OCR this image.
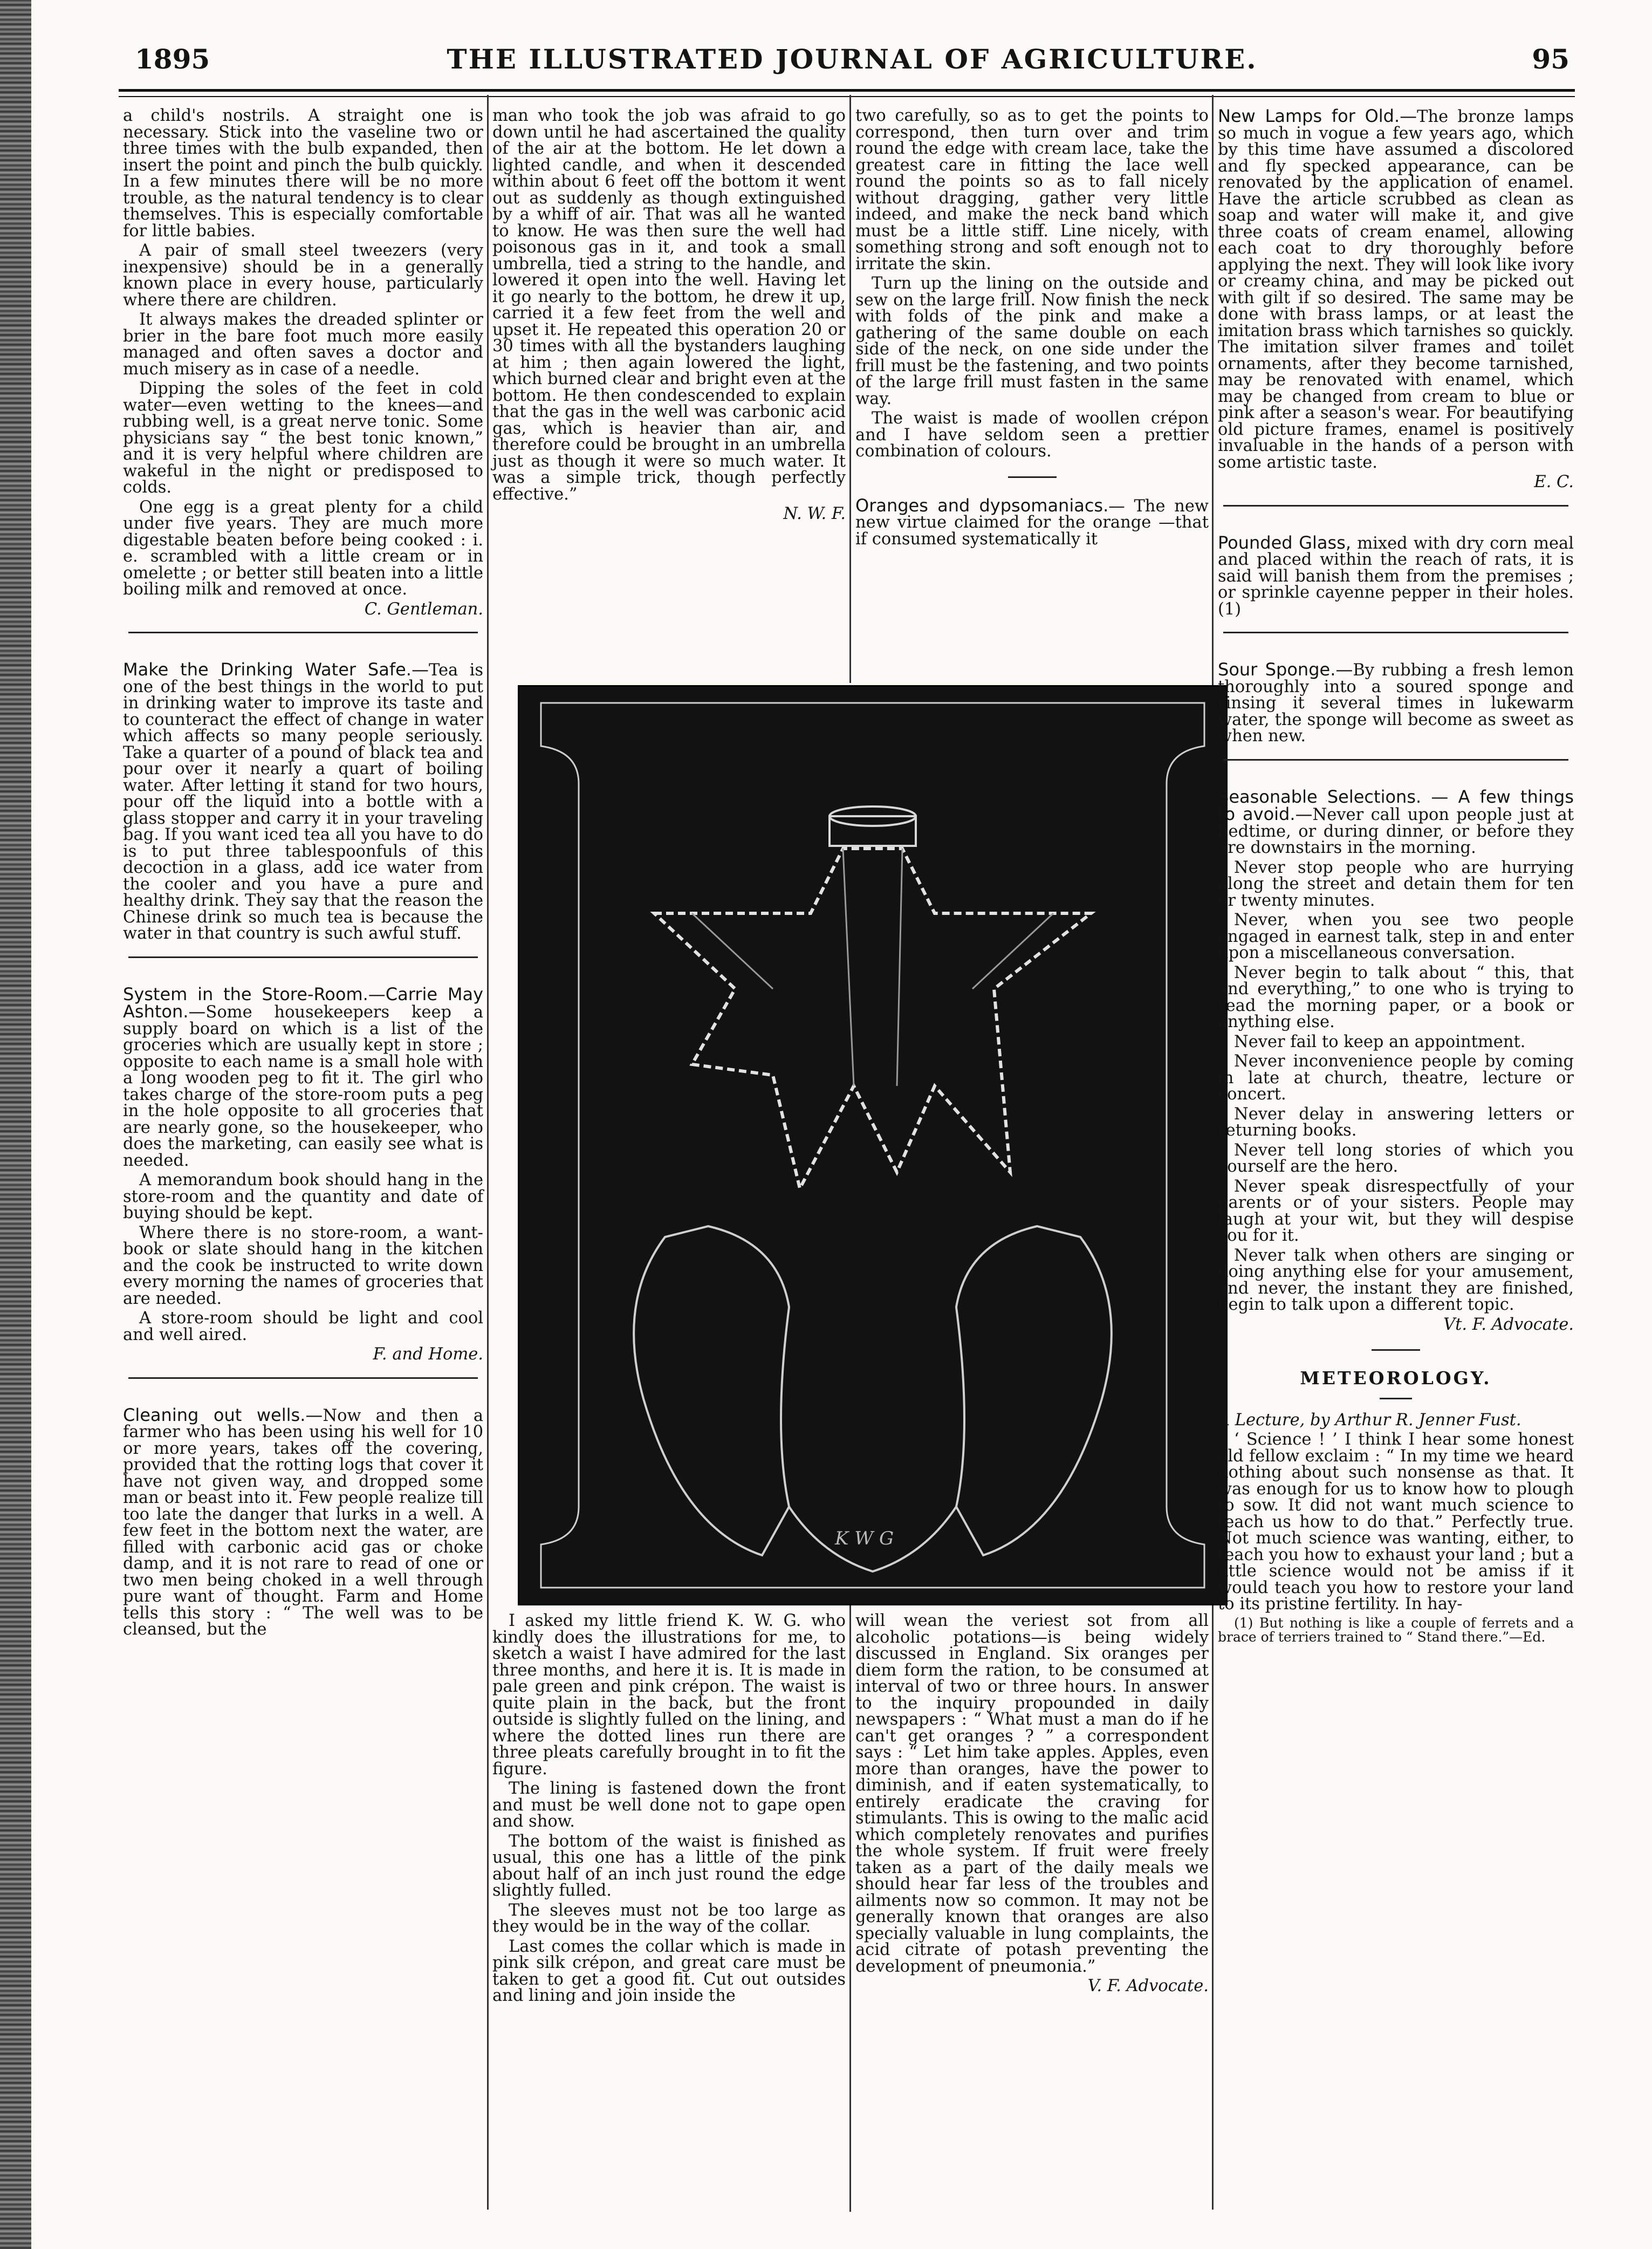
1895	THE ILLUSTRATED JOURNAL OF AGRICULTURE.	95

a child's nostrils. A straight one is necessary. Stick into the vaseline two or three times with the bulb expanded, then insert the point and pinch the bulb quickly. In a few minutes there will be no more trouble, as the natural tendency is to clear themselves. This is especially comfortable for little babies.

A pair of small steel tweezers (very inexpensive) should be in a generally known place in every house, particularly where there are children.

It always makes the dreaded splinter or brier in the bare foot much more easily managed and often saves a doctor and much misery as in case of a needle.

Dipping the soles of the feet in cold water—even wetting to the knees—and rubbing well, is a great nerve tonic. Some physicians say “ the best tonic known,” and it is very helpful where children are wakeful in the night or predisposed to colds.

One egg is a great plenty for a child under five years. They are much more digestable beaten before being cooked : i. e. scrambled with a little cream or in omelette ; or better still beaten into a little boiling milk and removed at once.

C. Gentleman.

Make the Drinking Water Safe.—Tea is one of the best things in the world to put in drinking water to improve its taste and to counteract the effect of change in water which affects so many people seriously. Take a quarter of a pound of black tea and pour over it nearly a quart of boiling water. After letting it stand for two hours, pour off the liquid into a bottle with a glass stopper and carry it in your traveling bag. If you want iced tea all you have to do is to put three tablespoonfuls of this decoction in a glass, add ice water from the cooler and you have a pure and healthy drink. They say that the reason the Chinese drink so much tea is because the water in that country is such awful stuff.

System in the Store-Room.—Carrie May Ashton.—Some housekeepers keep a supply board on which is a list of the groceries which are usually kept in store ; opposite to each name is a small hole with a long wooden peg to fit it. The girl who takes charge of the store-room puts a peg in the hole opposite to all groceries that are nearly gone, so the housekeeper, who does the marketing, can easily see what is needed.

A memorandum book should hang in the store-room and the quantity and date of buying should be kept.

Where there is no store-room, a want-book or slate should hang in the kitchen and the cook be instructed to write down every morning the names of groceries that are needed.

A store-room should be light and cool and well aired.

F. and Home.

Cleaning out wells.—Now and then a farmer who has been using his well for 10 or more years, takes off the covering, provided that the rotting logs that cover it have not given way, and dropped some man or beast into it. Few people realize till too late the danger that lurks in a well. A few feet in the bottom next the water, are filled with carbonic acid gas or choke damp, and it is not rare to read of one or two men being choked in a well through pure want of thought. Farm and Home tells this story : “ The well was to be cleansed, but the

man who took the job was afraid to go down until he had ascertained the quality of the air at the bottom. He let down a lighted candle, and when it descended within about 6 feet off the bottom it went out as suddenly as though extinguished by a whiff of air. That was all he wanted to know. He was then sure the well had poisonous gas in it, and took a small umbrella, tied a string to the handle, and lowered it open into the well. Having let it go nearly to the bottom, he drew it up, carried it a few feet from the well and upset it. He repeated this operation 20 or 30 times with all the bystanders laughing at him ; then again lowered the light, which burned clear and bright even at the bottom. He then condescended to explain that the gas in the well was carbonic acid gas, which is heavier than air, and therefore could be brought in an umbrella just as though it were so much water. It was a simple trick, though perfectly effective.”

N. W. F.

two carefully, so as to get the points to correspond, then turn over and trim round the edge with cream lace, take the greatest care in fitting the lace well round the points so as to fall nicely without dragging, gather very little indeed, and make the neck band which must be a little stiff. Line nicely, with something strong and soft enough not to irritate the skin.

Turn up the lining on the outside and sew on the large frill. Now finish the neck with folds of the pink and make a gathering of the same double on each side of the neck, on one side under the frill must be the fastening, and two points of the large frill must fasten in the same way.

The waist is made of woollen crépon and I have seldom seen a prettier combination of colours.

Oranges and dypsomaniacs.— The new new virtue claimed for the orange —that if consumed systematically it

K W G

I asked my little friend K. W. G. who kindly does the illustrations for me, to sketch a waist I have admired for the last three months, and here it is. It is made in pale green and pink crépon. The waist is quite plain in the back, but the front outside is slightly fulled on the lining, and where the dotted lines run there are three pleats carefully brought in to fit the figure.

The lining is fastened down the front and must be well done not to gape open and show.

The bottom of the waist is finished as usual, this one has a little of the pink about half of an inch just round the edge slightly fulled.

The sleeves must not be too large as they would be in the way of the collar.

Last comes the collar which is made in pink silk crépon, and great care must be taken to get a good fit. Cut out outsides and lining and join inside the

will wean the veriest sot from all alcoholic potations—is being widely discussed in England. Six oranges per diem form the ration, to be consumed at interval of two or three hours. In answer to the inquiry propounded in daily newspapers : “ What must a man do if he can't get oranges ? ” a correspondent says : “ Let him take apples. Apples, even more than oranges, have the power to diminish, and if eaten systematically, to entirely eradicate the craving for stimulants. This is owing to the malic acid which completely renovates and purifies the whole system. If fruit were freely taken as a part of the daily meals we should hear far less of the troubles and ailments now so common. It may not be generally known that oranges are also specially valuable in lung complaints, the acid citrate of potash preventing the development of pneumonia.”

V. F. Advocate.

New Lamps for Old.—The bronze lamps so much in vogue a few years ago, which by this time have assumed a discolored and fly specked appearance, can be renovated by the application of enamel. Have the article scrubbed as clean as soap and water will make it, and give three coats of cream enamel, allowing each coat to dry thoroughly before applying the next. They will look like ivory or creamy china, and may be picked out with gilt if so desired. The same may be done with brass lamps, or at least the imitation brass which tarnishes so quickly. The imitation silver frames and toilet ornaments, after they become tarnished, may be renovated with enamel, which may be changed from cream to blue or pink after a season's wear. For beautifying old picture frames, enamel is positively invaluable in the hands of a person with some artistic taste.

E. C.

Pounded Glass, mixed with dry corn meal and placed within the reach of rats, it is said will banish them from the premises ; or sprinkle cayenne pepper in their holes. (1)

Sour Sponge.—By rubbing a fresh lemon thoroughly into a soured sponge and rinsing it several times in lukewarm water, the sponge will become as sweet as when new.

Seasonable Selections. — A few things to avoid.—Never call upon people just at bedtime, or during dinner, or before they are downstairs in the morning.

Never stop people who are hurrying along the street and detain them for ten or twenty minutes.

Never, when you see two people engaged in earnest talk, step in and enter upon a miscellaneous conversation.

Never begin to talk about “ this, that and everything,” to one who is trying to read the morning paper, or a book or anything else.

Never fail to keep an appointment.

Never inconvenience people by coming in late at church, theatre, lecture or concert.

Never delay in answering letters or returning books.

Never tell long stories of which you yourself are the hero.

Never speak disrespectfully of your parents or of your sisters. People may laugh at your wit, but they will despise you for it.

Never talk when others are singing or doing anything else for your amusement, and never, the instant they are finished, begin to talk upon a different topic.

Vt. F. Advocate.
METEOROLOGY.

A Lecture, by Arthur R. Jenner Fust.

‘ Science ! ’ I think I hear some honest old fellow exclaim : “ In my time we heard nothing about such nonsense as that. It was enough for us to know how to plough to sow. It did not want much science to teach us how to do that.” Perfectly true. Not much science was wanting, either, to teach you how to exhaust your land ; but a little science would not be amiss if it would teach you how to restore your land to its pristine fertility. In hay-

(1) But nothing is like a couple of ferrets and a brace of terriers trained to “ Stand there.”—Ed.
